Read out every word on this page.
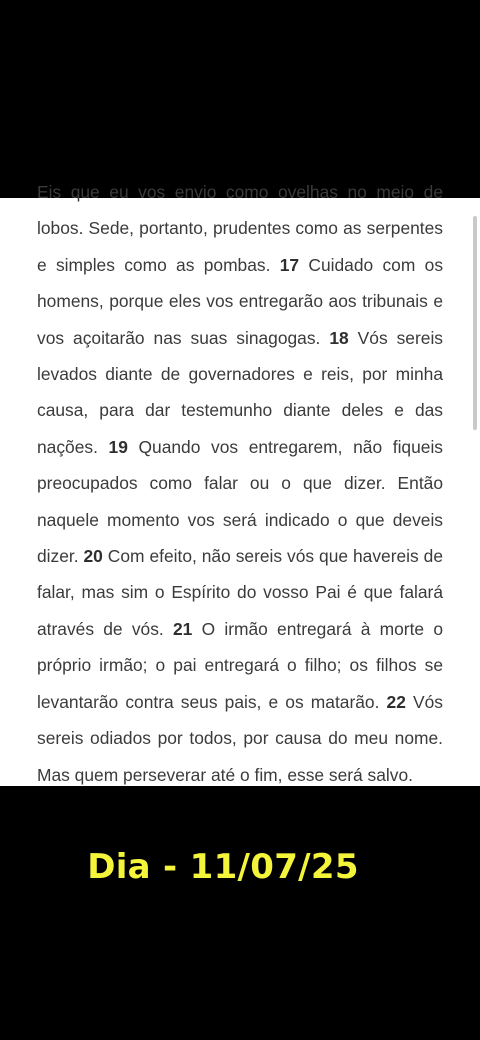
Eis que eu vos envio como ovelhas no meio de lobos. Sede, portanto, prudentes como as serpentes e simples como as pombas. 17 Cuidado com os homens, porque eles vos entregarão aos tribunais e vos açoitarão nas suas sinagogas. 18 Vós sereis levados diante de governadores e reis, por minha causa, para dar testemunho diante deles e das nações. 19 Quando vos entregarem, não fiqueis preocupados como falar ou o que dizer. Então naquele momento vos será indicado o que deveis dizer. 20 Com efeito, não sereis vós que havereis de falar, mas sim o Espírito do vosso Pai é que falará através de vós. 21 O irmão entregará à morte o próprio irmão; o pai entregará o filho; os filhos se levantarão contra seus pais, e os matarão. 22 Vós sereis odiados por todos, por causa do meu nome. Mas quem perseverar até o fim, esse será salvo.

Dia - 11/07/25
